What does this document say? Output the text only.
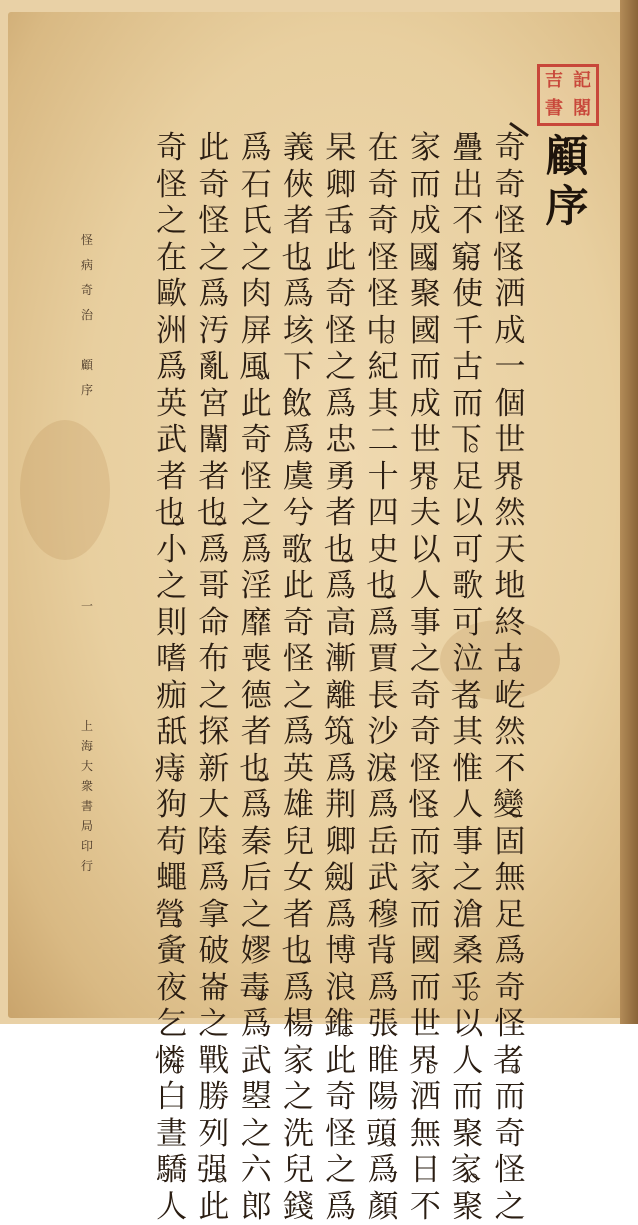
吉 記
書 閣
顧
序
奇
奇
怪
怪。
洒
成
一
個
世
界。
然
天
地
終
古。
屹
然
不
變。
固
無
足
爲
奇
怪
者。
而
奇
怪
之
疊
出
不
窮。
使
千
古
而
下。
足
以
可
歌
可
泣
者。
其
惟
人
事
之
滄
桑
乎。
以
人
而
聚
家。
聚
家
而
成
國。
聚
國
而
成
世
界。
夫
以
人
事
之
奇
奇
怪
怪。
而
家
而
國
而
世
界。
洒
無
日
不
在
奇
奇
怪
怪
中。
紀
其
二
十
四
史
也。
爲
賈
長
沙
淚。
爲
岳
武
穆
背。
爲
張
睢
陽
頭。
爲
顏
杲
卿
舌。
此
奇
怪
之
爲
忠
勇
者
也。
爲
高
漸
離
筑。
爲
荆
卿
劍。
爲
博
浪
錐。
此
奇
怪
之
爲
義
俠
者
也。
爲
垓
下
飲。
爲
虞
兮
歌。
此
奇
怪
之
爲
英
雄
兒
女
者
也。
爲
楊
家
之
洗
兒
錢
爲
石
氏
之
肉
屏
風。
此
奇
怪
之
爲
淫
靡
喪
德
者
也。
爲
秦
后
之
嫪
毒。
爲
武
曌
之
六
郎
此
奇
怪
之
爲
汚
亂
宮
闈
者
也。
爲
哥
命
布
之
探
新
大
陸。
爲
拿
破
崙
之
戰
勝
列
强。
此
奇
怪
之
在
歐
洲
爲
英
武
者
也。
小
之
則
嗜
痂
舐
痔。
狗
苟
蠅
營。
夤
夜
乞
憐。
白
晝
驕
人
怪
病
奇
治

顧
序
一
上
海
大
衆
書
局
印
行
